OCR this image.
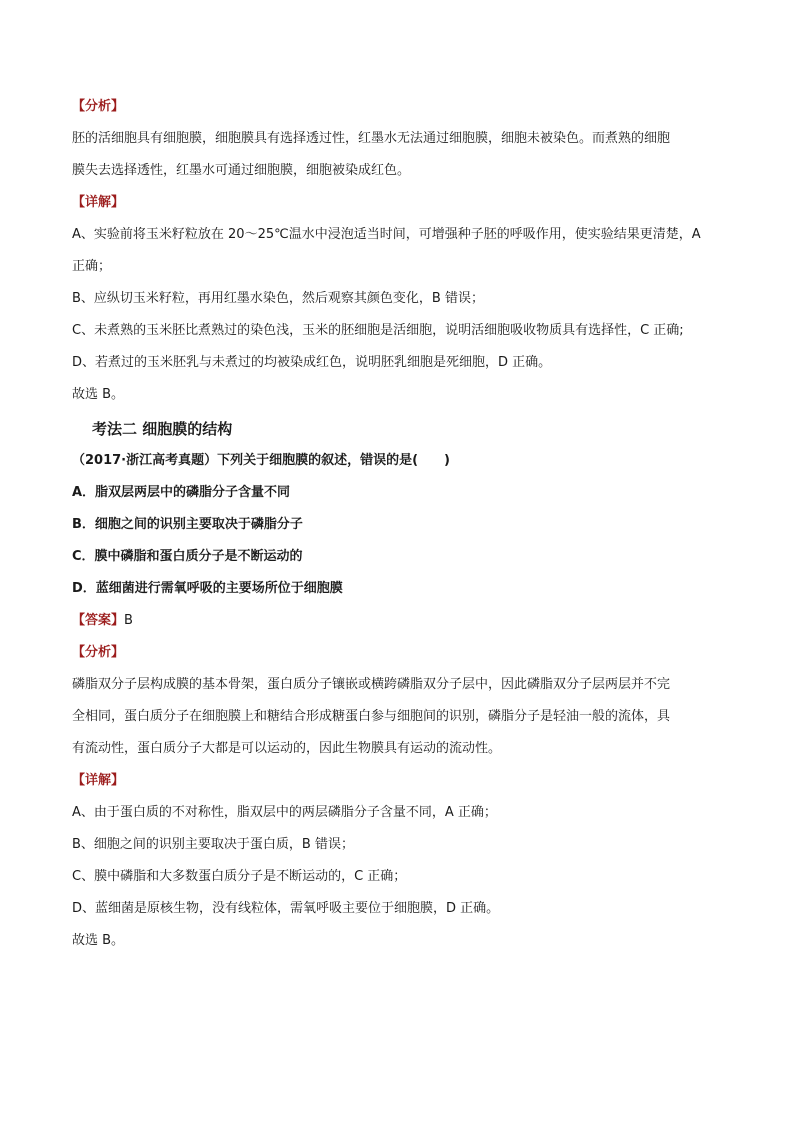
【分析】

胚的活细胞具有细胞膜，细胞膜具有选择透过性，红墨水无法通过细胞膜，细胞未被染色。而煮熟的细胞

膜失去选择透性，红墨水可通过细胞膜，细胞被染成红色。

【详解】

A、实验前将玉米籽粒放在 20～25℃温水中浸泡适当时间，可增强种子胚的呼吸作用，使实验结果更清楚，A

正确；

B、应纵切玉米籽粒，再用红墨水染色，然后观察其颜色变化，B 错误；

C、未煮熟的玉米胚比煮熟过的染色浅，玉米的胚细胞是活细胞，说明活细胞吸收物质具有选择性，C 正确;

D、若煮过的玉米胚乳与未煮过的均被染成红色，说明胚乳细胞是死细胞，D 正确。

故选 B。

考法二 细胞膜的结构

（2017·浙江高考真题）下列关于细胞膜的叙述，错误的是(　　)

A．脂双层两层中的磷脂分子含量不同

B．细胞之间的识别主要取决于磷脂分子

C．膜中磷脂和蛋白质分子是不断运动的

D．蓝细菌进行需氧呼吸的主要场所位于细胞膜

【答案】B

【分析】

磷脂双分子层构成膜的基本骨架，蛋白质分子镶嵌或横跨磷脂双分子层中，因此磷脂双分子层两层并不完

全相同，蛋白质分子在细胞膜上和糖结合形成糖蛋白参与细胞间的识别，磷脂分子是轻油一般的流体，具

有流动性，蛋白质分子大都是可以运动的，因此生物膜具有运动的流动性。

【详解】

A、由于蛋白质的不对称性，脂双层中的两层磷脂分子含量不同，A 正确；

B、细胞之间的识别主要取决于蛋白质，B 错误；

C、膜中磷脂和大多数蛋白质分子是不断运动的，C 正确；

D、蓝细菌是原核生物，没有线粒体，需氧呼吸主要位于细胞膜，D 正确。

故选 B。
